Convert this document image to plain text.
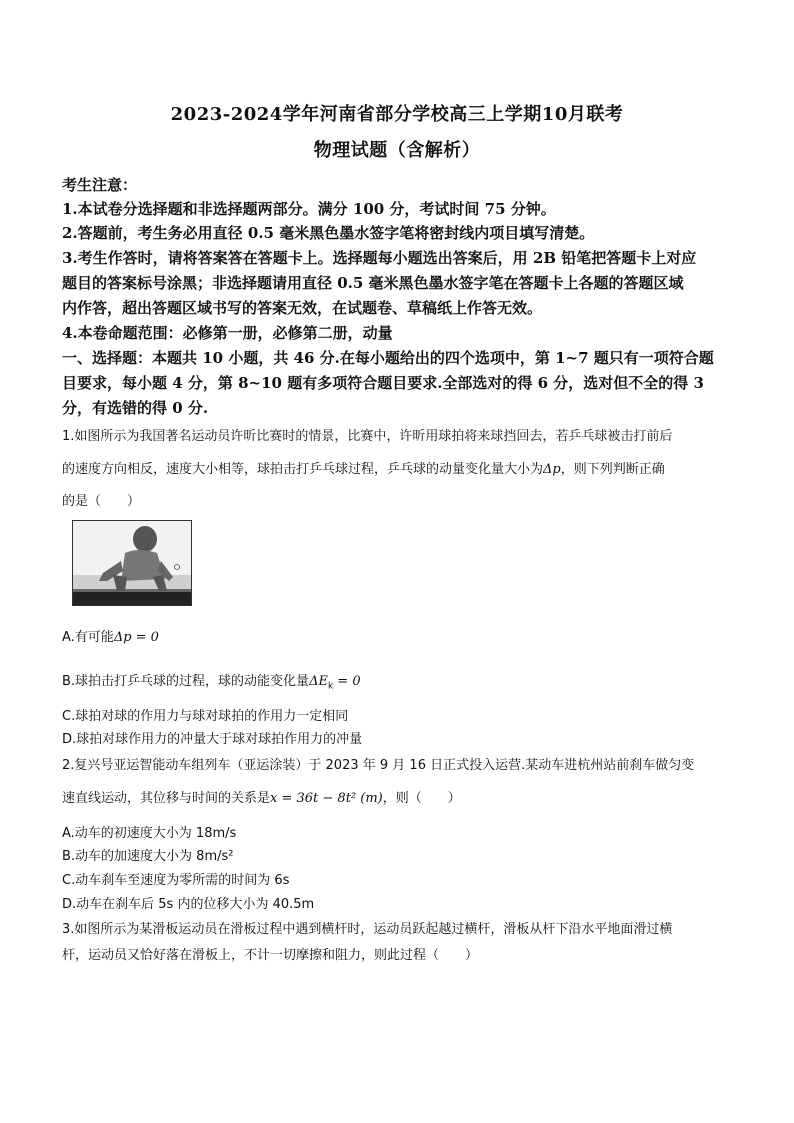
2023-2024学年河南省部分学校高三上学期10月联考
物理试题（含解析）
考生注意：
1.本试卷分选择题和非选择题两部分。满分 100 分，考试时间 75 分钟。
2.答题前，考生务必用直径 0.5 毫米黑色墨水签字笔将密封线内项目填写清楚。
3.考生作答时，请将答案答在答题卡上。选择题每小题选出答案后，用 2B 铅笔把答题卡上对应
题目的答案标号涂黑；非选择题请用直径 0.5 毫米黑色墨水签字笔在答题卡上各题的答题区域
内作答，超出答题区域书写的答案无效，在试题卷、草稿纸上作答无效。
4.本卷命题范围：必修第一册，必修第二册，动量
一、选择题：本题共 10 小题，共 46 分.在每小题给出的四个选项中，第 1~7 题只有一项符合题
目要求，每小题 4 分，第 8~10 题有多项符合题目要求.全部选对的得 6 分，选对但不全的得 3
分，有选错的得 0 分.
1.如图所示为我国著名运动员许昕比赛时的情景，比赛中，许昕用球拍将来球挡回去，若乒乓球被击打前后
的速度方向相反，速度大小相等，球拍击打乒乓球过程，乒乓球的动量变化量大小为Δp，则下列判断正确
的是（　　）
A.有可能Δp = 0
B.球拍击打乒乓球的过程，球的动能变化量$\Delta E_k = 0$
C.球拍对球的作用力与球对球拍的作用力一定相同
D.球拍对球作用力的冲量大于球对球拍作用力的冲量
2.复兴号亚运智能动车组列车（亚运涂装）于 2023 年 9 月 16 日正式投入运营.某动车进杭州站前刹车做匀变
速直线运动，其位移与时间的关系是x = 36t − 8t² (m)，则（　　）
A.动车的初速度大小为 18m/s
B.动车的加速度大小为 8m/s²
C.动车刹车至速度为零所需的时间为 6s
D.动车在刹车后 5s 内的位移大小为 40.5m
3.如图所示为某滑板运动员在滑板过程中遇到横杆时，运动员跃起越过横杆，滑板从杆下沿水平地面滑过横
杆，运动员又恰好落在滑板上，不计一切摩擦和阻力，则此过程（　　）
